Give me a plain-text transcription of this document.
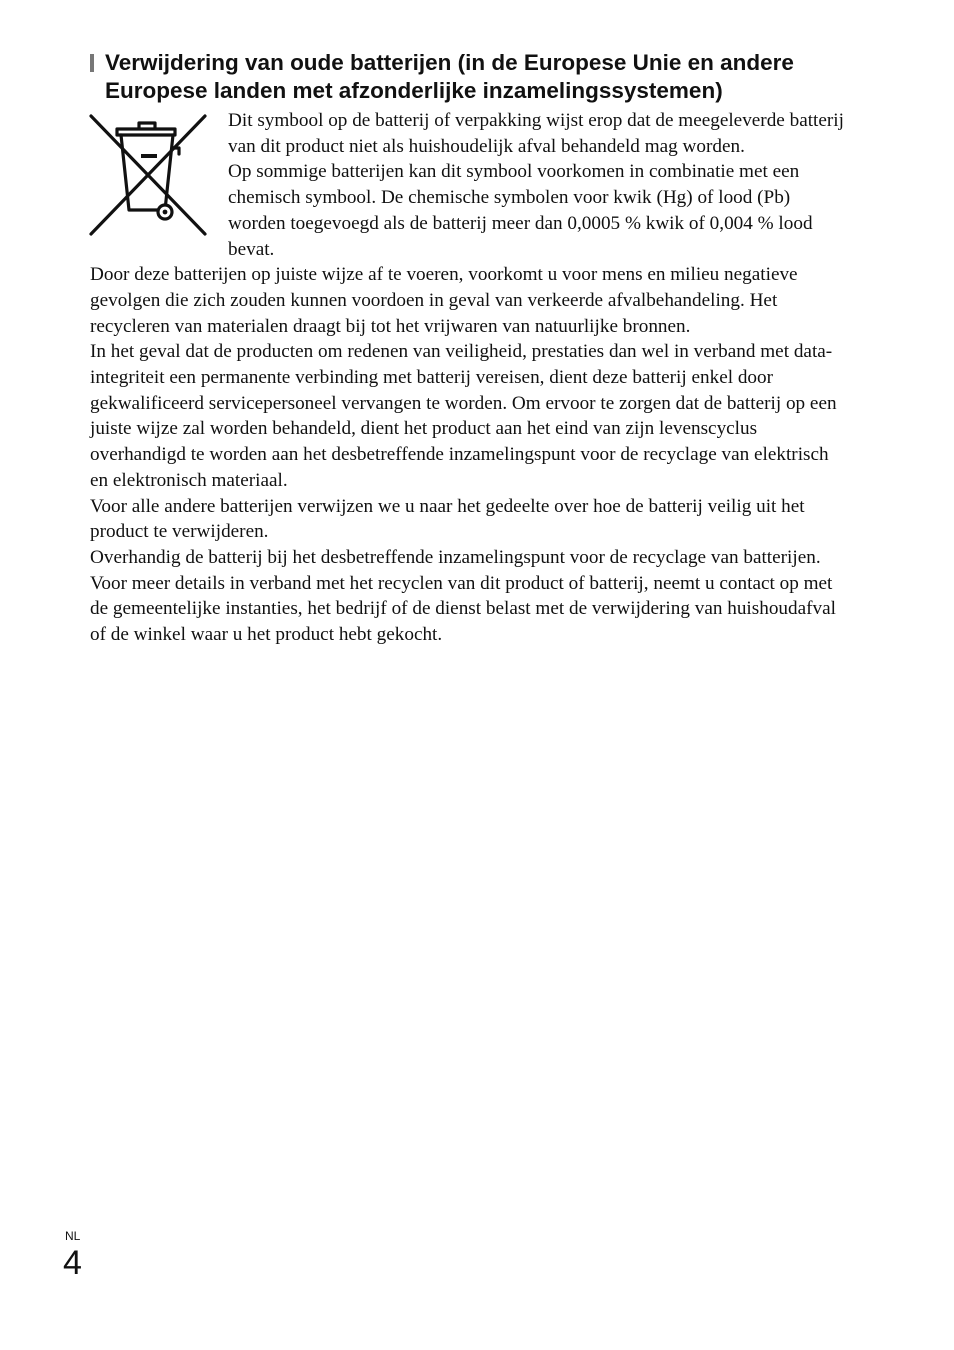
Verwijdering van oude batterijen (in de Europese Unie en andere Europese landen met afzonderlijke inzamelingssystemen)

Dit symbool op de batterij of verpakking wijst erop dat de meegeleverde batterij van dit product niet als huishoudelijk afval behandeld mag worden.

Op sommige batterijen kan dit symbool voorkomen in combinatie met een chemisch symbool. De chemische symbolen voor kwik (Hg) of lood (Pb) worden toegevoegd als de batterij meer dan 0,0005 % kwik of 0,004 % lood bevat.

Door deze batterijen op juiste wijze af te voeren, voorkomt u voor mens en milieu negatieve gevolgen die zich zouden kunnen voordoen in geval van verkeerde afvalbehandeling. Het recycleren van materialen draagt bij tot het vrijwaren van natuurlijke bronnen.

In het geval dat de producten om redenen van veiligheid, prestaties dan wel in verband met data-integriteit een permanente verbinding met batterij vereisen, dient deze batterij enkel door gekwalificeerd servicepersoneel vervangen te worden. Om ervoor te zorgen dat de batterij op een juiste wijze zal worden behandeld, dient het product aan het eind van zijn levenscyclus overhandigd te worden aan het desbetreffende inzamelingspunt voor de recyclage van elektrisch en elektronisch materiaal.

Voor alle andere batterijen verwijzen we u naar het gedeelte over hoe de batterij veilig uit het product te verwijderen.

Overhandig de batterij bij het desbetreffende inzamelingspunt voor de recyclage van batterijen.

Voor meer details in verband met het recyclen van dit product of batterij, neemt u contact op met de gemeentelijke instanties, het bedrijf of de dienst belast met de verwijdering van huishoudafval of de winkel waar u het product hebt gekocht.

NL
4
